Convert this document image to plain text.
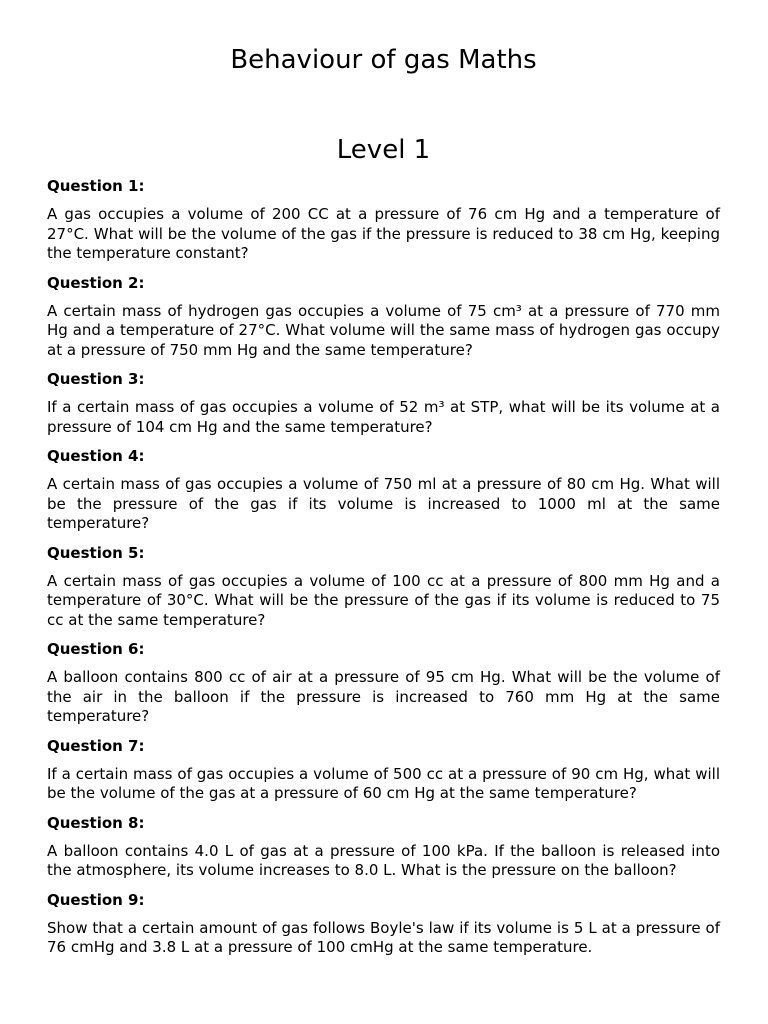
Behaviour of gas Maths
Level 1

Question 1:

A gas occupies a volume of 200 CC at a pressure of 76 cm Hg and a temperature of 27°C. What will be the volume of the gas if the pressure is reduced to 38 cm Hg, keeping the temperature constant?

Question 2:

A certain mass of hydrogen gas occupies a volume of 75 cm³ at a pressure of 770 mm Hg and a temperature of 27°C. What volume will the same mass of hydrogen gas occupy at a pressure of 750 mm Hg and the same temperature?

Question 3:

If a certain mass of gas occupies a volume of 52 m³ at STP, what will be its volume at a pressure of 104 cm Hg and the same temperature?

Question 4:

A certain mass of gas occupies a volume of 750 ml at a pressure of 80 cm Hg. What will be the pressure of the gas if its volume is increased to 1000 ml at the same temperature?

Question 5:

A certain mass of gas occupies a volume of 100 cc at a pressure of 800 mm Hg and a temperature of 30°C. What will be the pressure of the gas if its volume is reduced to 75 cc at the same temperature?

Question 6:

A balloon contains 800 cc of air at a pressure of 95 cm Hg. What will be the volume of the air in the balloon if the pressure is increased to 760 mm Hg at the same temperature?

Question 7:

If a certain mass of gas occupies a volume of 500 cc at a pressure of 90 cm Hg, what will be the volume of the gas at a pressure of 60 cm Hg at the same temperature?

Question 8:

A balloon contains 4.0 L of gas at a pressure of 100 kPa. If the balloon is released into the atmosphere, its volume increases to 8.0 L. What is the pressure on the balloon?

Question 9:

Show that a certain amount of gas follows Boyle's law if its volume is 5 L at a pressure of 76 cmHg and 3.8 L at a pressure of 100 cmHg at the same temperature.
